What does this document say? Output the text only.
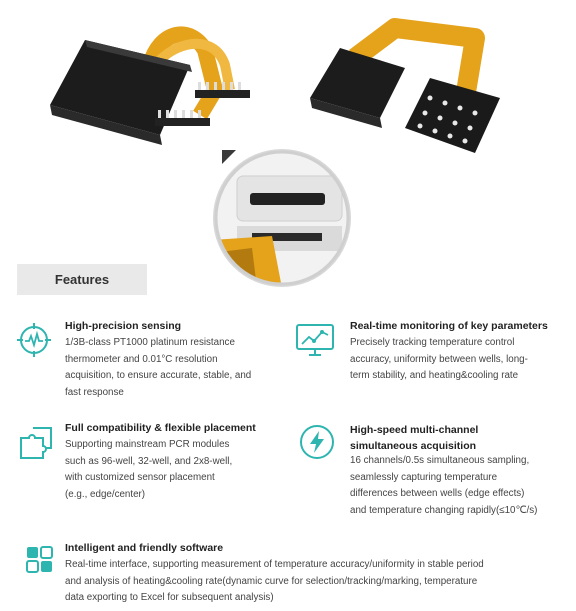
Features
High-precision sensing
1/3B-class PT1000 platinum resistance
thermometer and 0.01°C resolution
acquisition, to ensure accurate, stable, and
fast response
Real-time monitoring of key parameters
Precisely tracking temperature control
accuracy, uniformity between wells, long-
term stability, and heating&cooling rate
Full compatibility & flexible placement
Supporting mainstream PCR modules
such as 96-well, 32-well, and 2x8-well,
with customized sensor placement
(e.g., edge/center)
High-speed multi-channel
simultaneous acquisition
16 channels/0.5s simultaneous sampling,
seamlessly capturing temperature
differences between wells (edge effects)
and temperature changing rapidly(≤10℃/s)
Intelligent and friendly software
Real-time interface, supporting measurement of temperature accuracy/uniformity in stable period
and analysis of heating&cooling rate(dynamic curve for selection/tracking/marking, temperature
data exporting to Excel for subsequent analysis)
